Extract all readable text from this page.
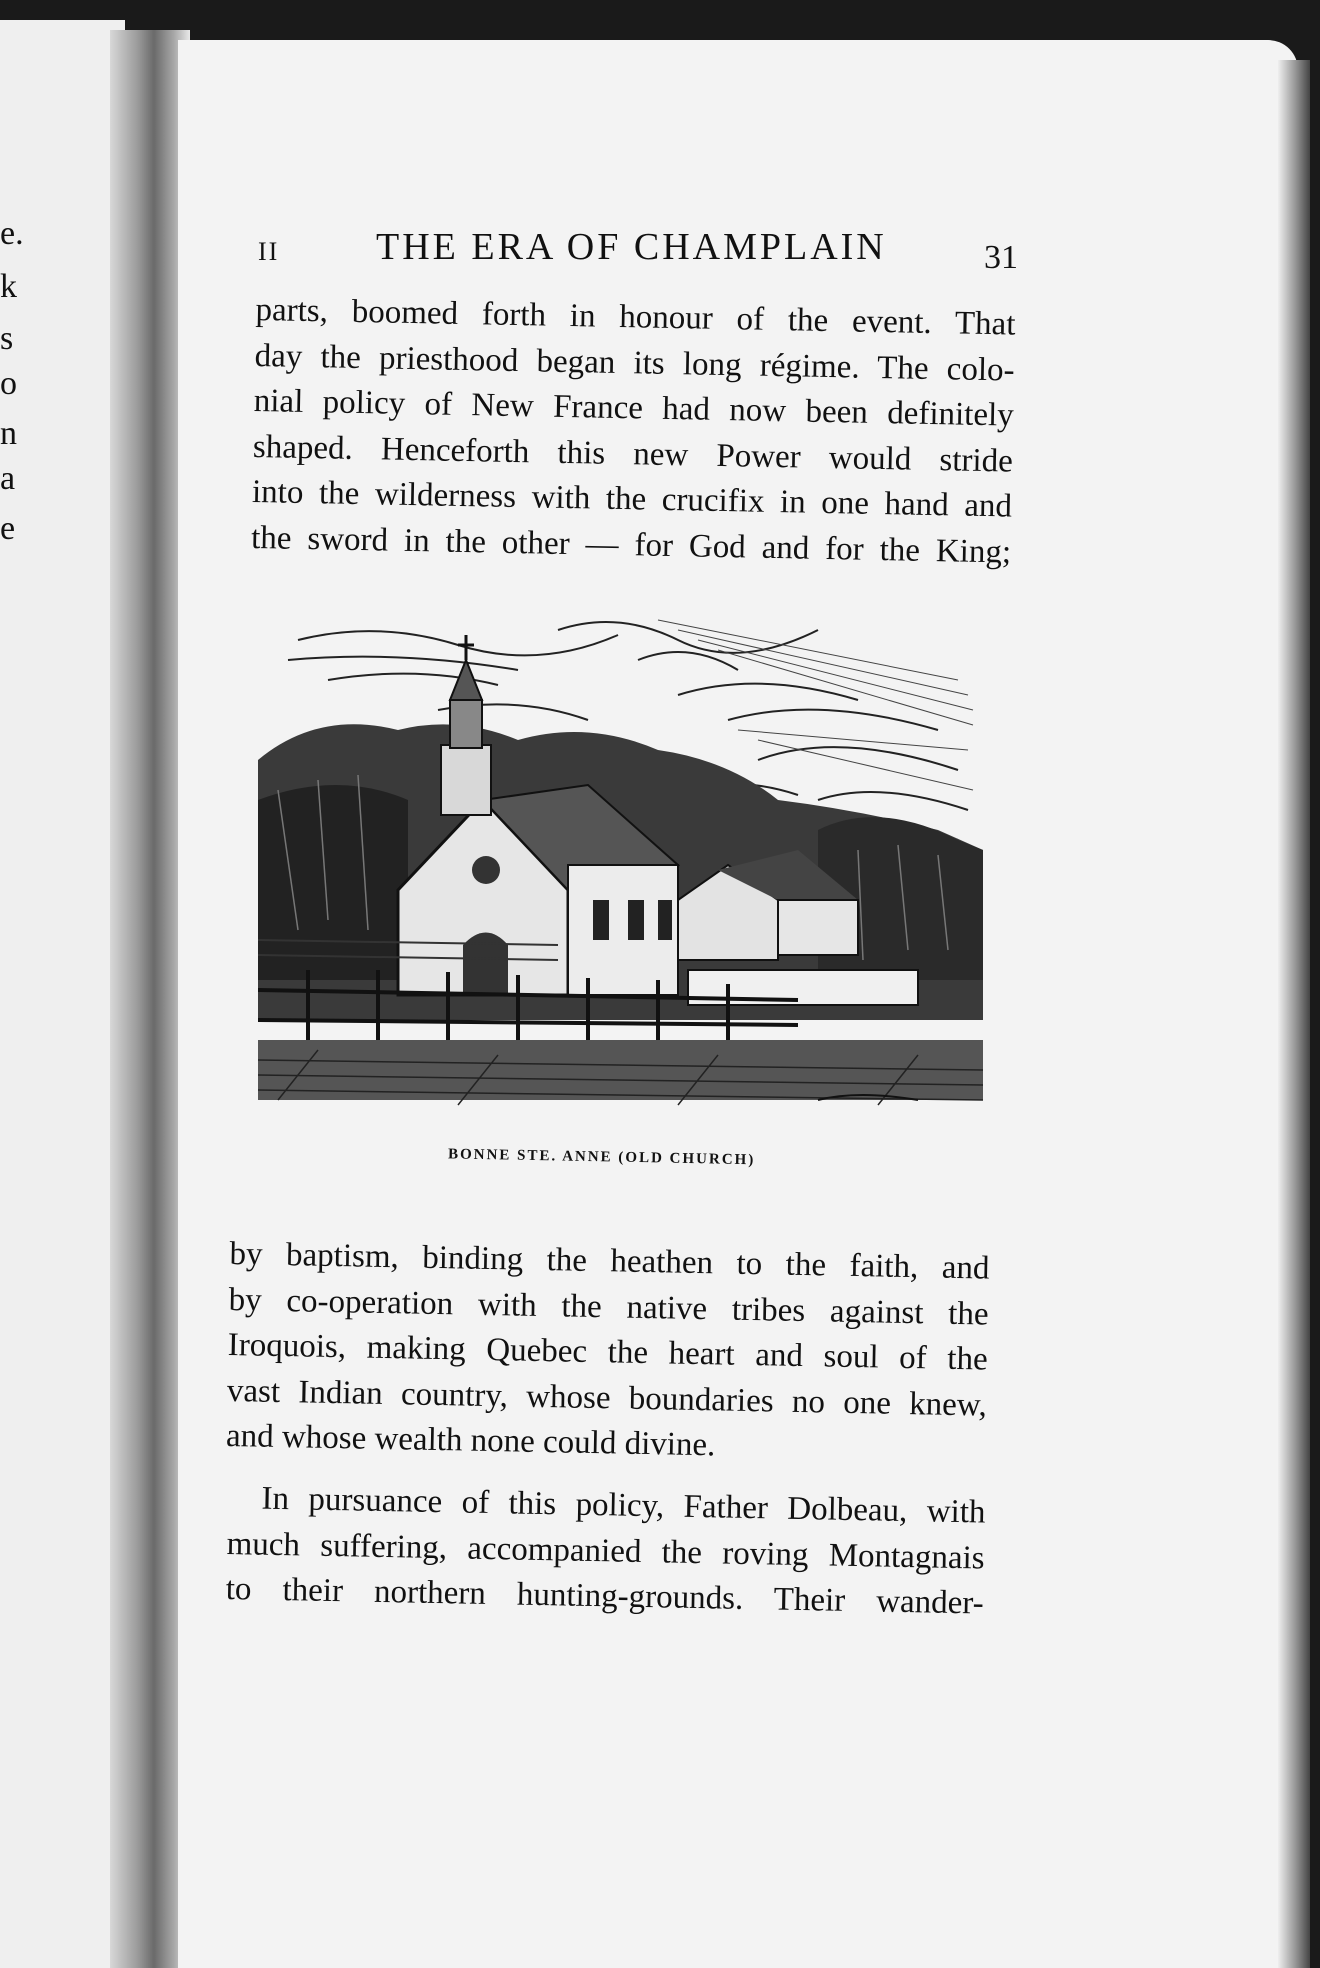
e.
k
s
o
n
a
e
II	THE ERA OF CHAMPLAIN	31
parts, boomed forth in honour of the event. That
day the priesthood began its long régime. The colo-
nial policy of New France had now been definitely
shaped. Henceforth this new Power would stride
into the wilderness with the crucifix in one hand and
the sword in the other — for God and for the King;
BONNE STE. ANNE (OLD CHURCH)
by baptism, binding the heathen to the faith, and
by co-operation with the native tribes against the
Iroquois, making Quebec the heart and soul of the
vast Indian country, whose boundaries no one knew,
and whose wealth none could divine.
In pursuance of this policy, Father Dolbeau, with
much suffering, accompanied the roving Montagnais
to their northern hunting-grounds. Their wander-
